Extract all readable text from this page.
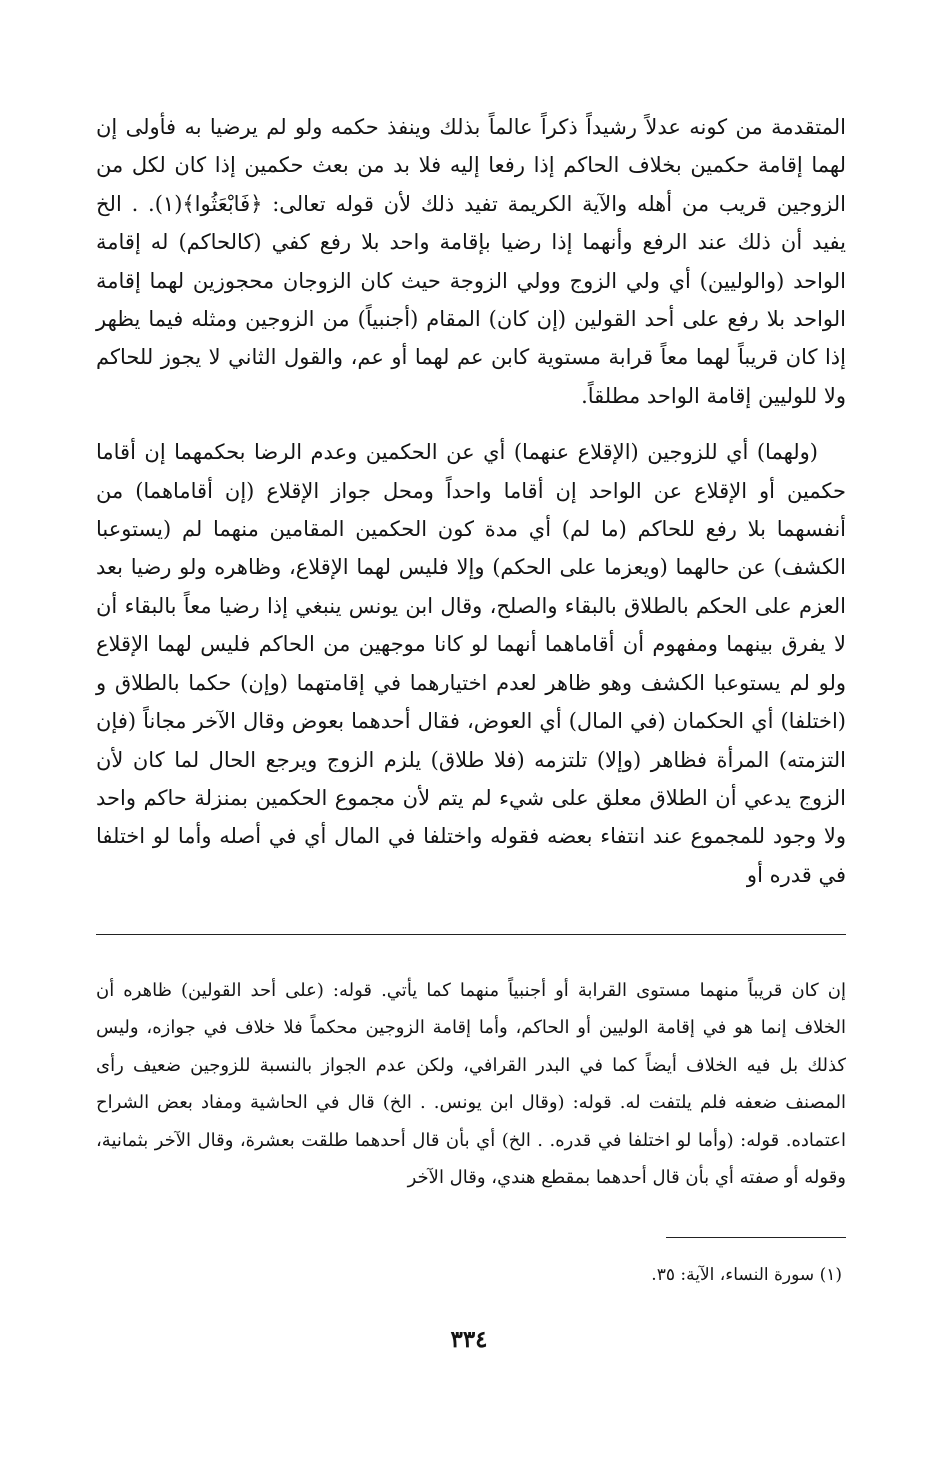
المتقدمة من كونه عدلاً رشيداً ذكراً عالماً بذلك وينفذ حكمه ولو لم يرضيا به فأولى إن لهما إقامة حكمين بخلاف الحاكم إذا رفعا إليه فلا بد من بعث حكمين إذا كان لكل من الزوجين قريب من أهله والآية الكريمة تفيد ذلك لأن قوله تعالى: ﴿فَابْعَثُوا﴾(١). . الخ يفيد أن ذلك عند الرفع وأنهما إذا رضيا بإقامة واحد بلا رفع كفي (كالحاكم) له إقامة الواحد (والوليين) أي ولي الزوج وولي الزوجة حيث كان الزوجان محجوزين لهما إقامة الواحد بلا رفع على أحد القولين (إن كان) المقام (أجنبياً) من الزوجين ومثله فيما يظهر إذا كان قريباً لهما معاً قرابة مستوية كابن عم لهما أو عم، والقول الثاني لا يجوز للحاكم ولا للوليين إقامة الواحد مطلقاً.

(ولهما) أي للزوجين (الإقلاع عنهما) أي عن الحكمين وعدم الرضا بحكمهما إن أقاما حكمين أو الإقلاع عن الواحد إن أقاما واحداً ومحل جواز الإقلاع (إن أقاماهما) من أنفسهما بلا رفع للحاكم (ما لم) أي مدة كون الحكمين المقامين منهما لم (يستوعبا الكشف) عن حالهما (ويعزما على الحكم) وإلا فليس لهما الإقلاع، وظاهره ولو رضيا بعد العزم على الحكم بالطلاق بالبقاء والصلح، وقال ابن يونس ينبغي إذا رضيا معاً بالبقاء أن لا يفرق بينهما ومفهوم أن أقاماهما أنهما لو كانا موجهين من الحاكم فليس لهما الإقلاع ولو لم يستوعبا الكشف وهو ظاهر لعدم اختيارهما في إقامتهما (وإن) حكما بالطلاق و (اختلفا) أي الحكمان (في المال) أي العوض، فقال أحدهما بعوض وقال الآخر مجاناً (فإن التزمته) المرأة فظاهر (وإلا) تلتزمه (فلا طلاق) يلزم الزوج ويرجع الحال لما كان لأن الزوج يدعي أن الطلاق معلق على شيء لم يتم لأن مجموع الحكمين بمنزلة حاكم واحد ولا وجود للمجموع عند انتفاء بعضه فقوله واختلفا في المال أي في أصله وأما لو اختلفا في قدره أو

إن كان قريباً منهما مستوى القرابة أو أجنبياً منهما كما يأتي. قوله: (على أحد القولين) ظاهره أن الخلاف إنما هو في إقامة الوليين أو الحاكم، وأما إقامة الزوجين محكماً فلا خلاف في جوازه، وليس كذلك بل فيه الخلاف أيضاً كما في البدر القرافي، ولكن عدم الجواز بالنسبة للزوجين ضعيف رأى المصنف ضعفه فلم يلتفت له. قوله: (وقال ابن يونس. . الخ) قال في الحاشية ومفاد بعض الشراح اعتماده. قوله: (وأما لو اختلفا في قدره. . الخ) أي بأن قال أحدهما طلقت بعشرة، وقال الآخر بثمانية، وقوله أو صفته أي بأن قال أحدهما بمقطع هندي، وقال الآخر

(١) سورة النساء، الآية: ٣٥.
٣٣٤
